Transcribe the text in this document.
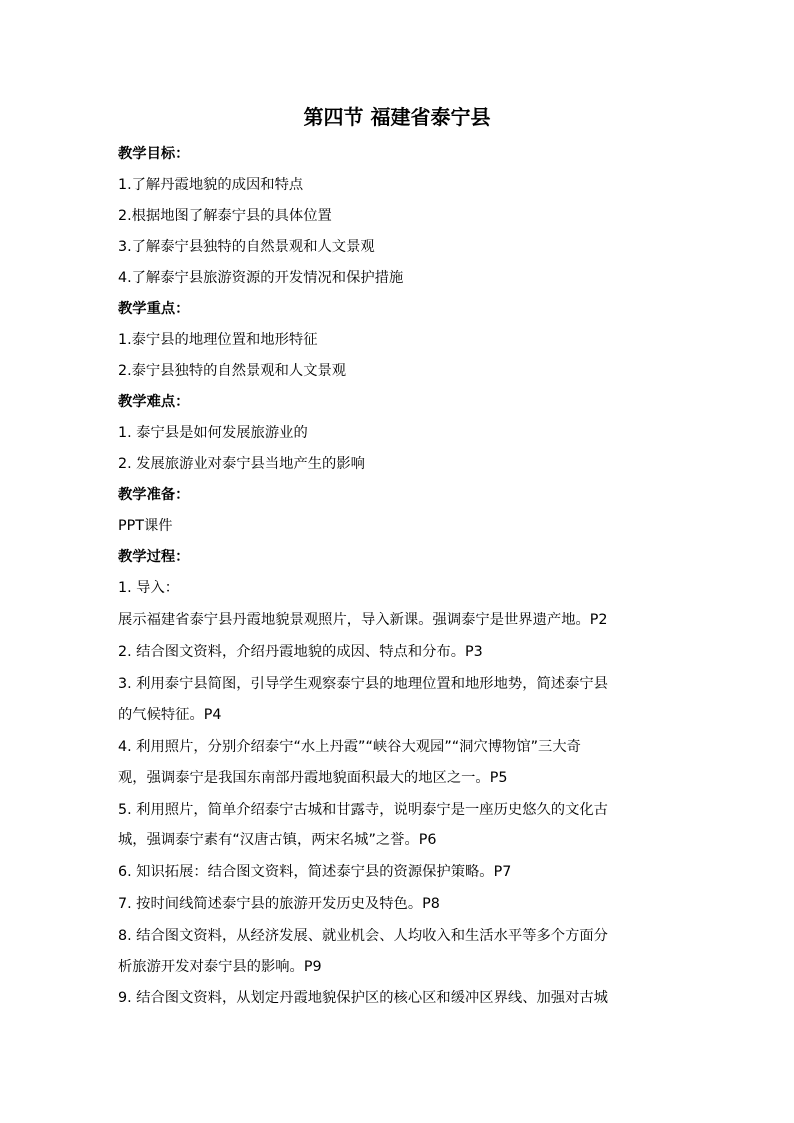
第四节 福建省泰宁县

教学目标：

1.了解丹霞地貌的成因和特点

2.根据地图了解泰宁县的具体位置

3.了解泰宁县独特的自然景观和人文景观

4.了解泰宁县旅游资源的开发情况和保护措施

教学重点：

1.泰宁县的地理位置和地形特征

2.泰宁县独特的自然景观和人文景观

教学难点：

1. 泰宁县是如何发展旅游业的

2. 发展旅游业对泰宁县当地产生的影响

教学准备：

PPT课件

教学过程：

1. 导入：

展示福建省泰宁县丹霞地貌景观照片，导入新课。强调泰宁是世界遗产地。P2

2. 结合图文资料，介绍丹霞地貌的成因、特点和分布。P3

3. 利用泰宁县简图，引导学生观察泰宁县的地理位置和地形地势，简述泰宁县

的气候特征。P4

4. 利用照片，分别介绍泰宁“水上丹霞”“峡谷大观园”“洞穴博物馆”三大奇

观，强调泰宁是我国东南部丹霞地貌面积最大的地区之一。P5

5. 利用照片，简单介绍泰宁古城和甘露寺，说明泰宁是一座历史悠久的文化古

城，强调泰宁素有“汉唐古镇，两宋名城”之誉。P6

6. 知识拓展：结合图文资料，简述泰宁县的资源保护策略。P7

7. 按时间线简述泰宁县的旅游开发历史及特色。P8

8. 结合图文资料，从经济发展、就业机会、人均收入和生活水平等多个方面分

析旅游开发对泰宁县的影响。P9

9. 结合图文资料，从划定丹霞地貌保护区的核心区和缓冲区界线、加强对古城
